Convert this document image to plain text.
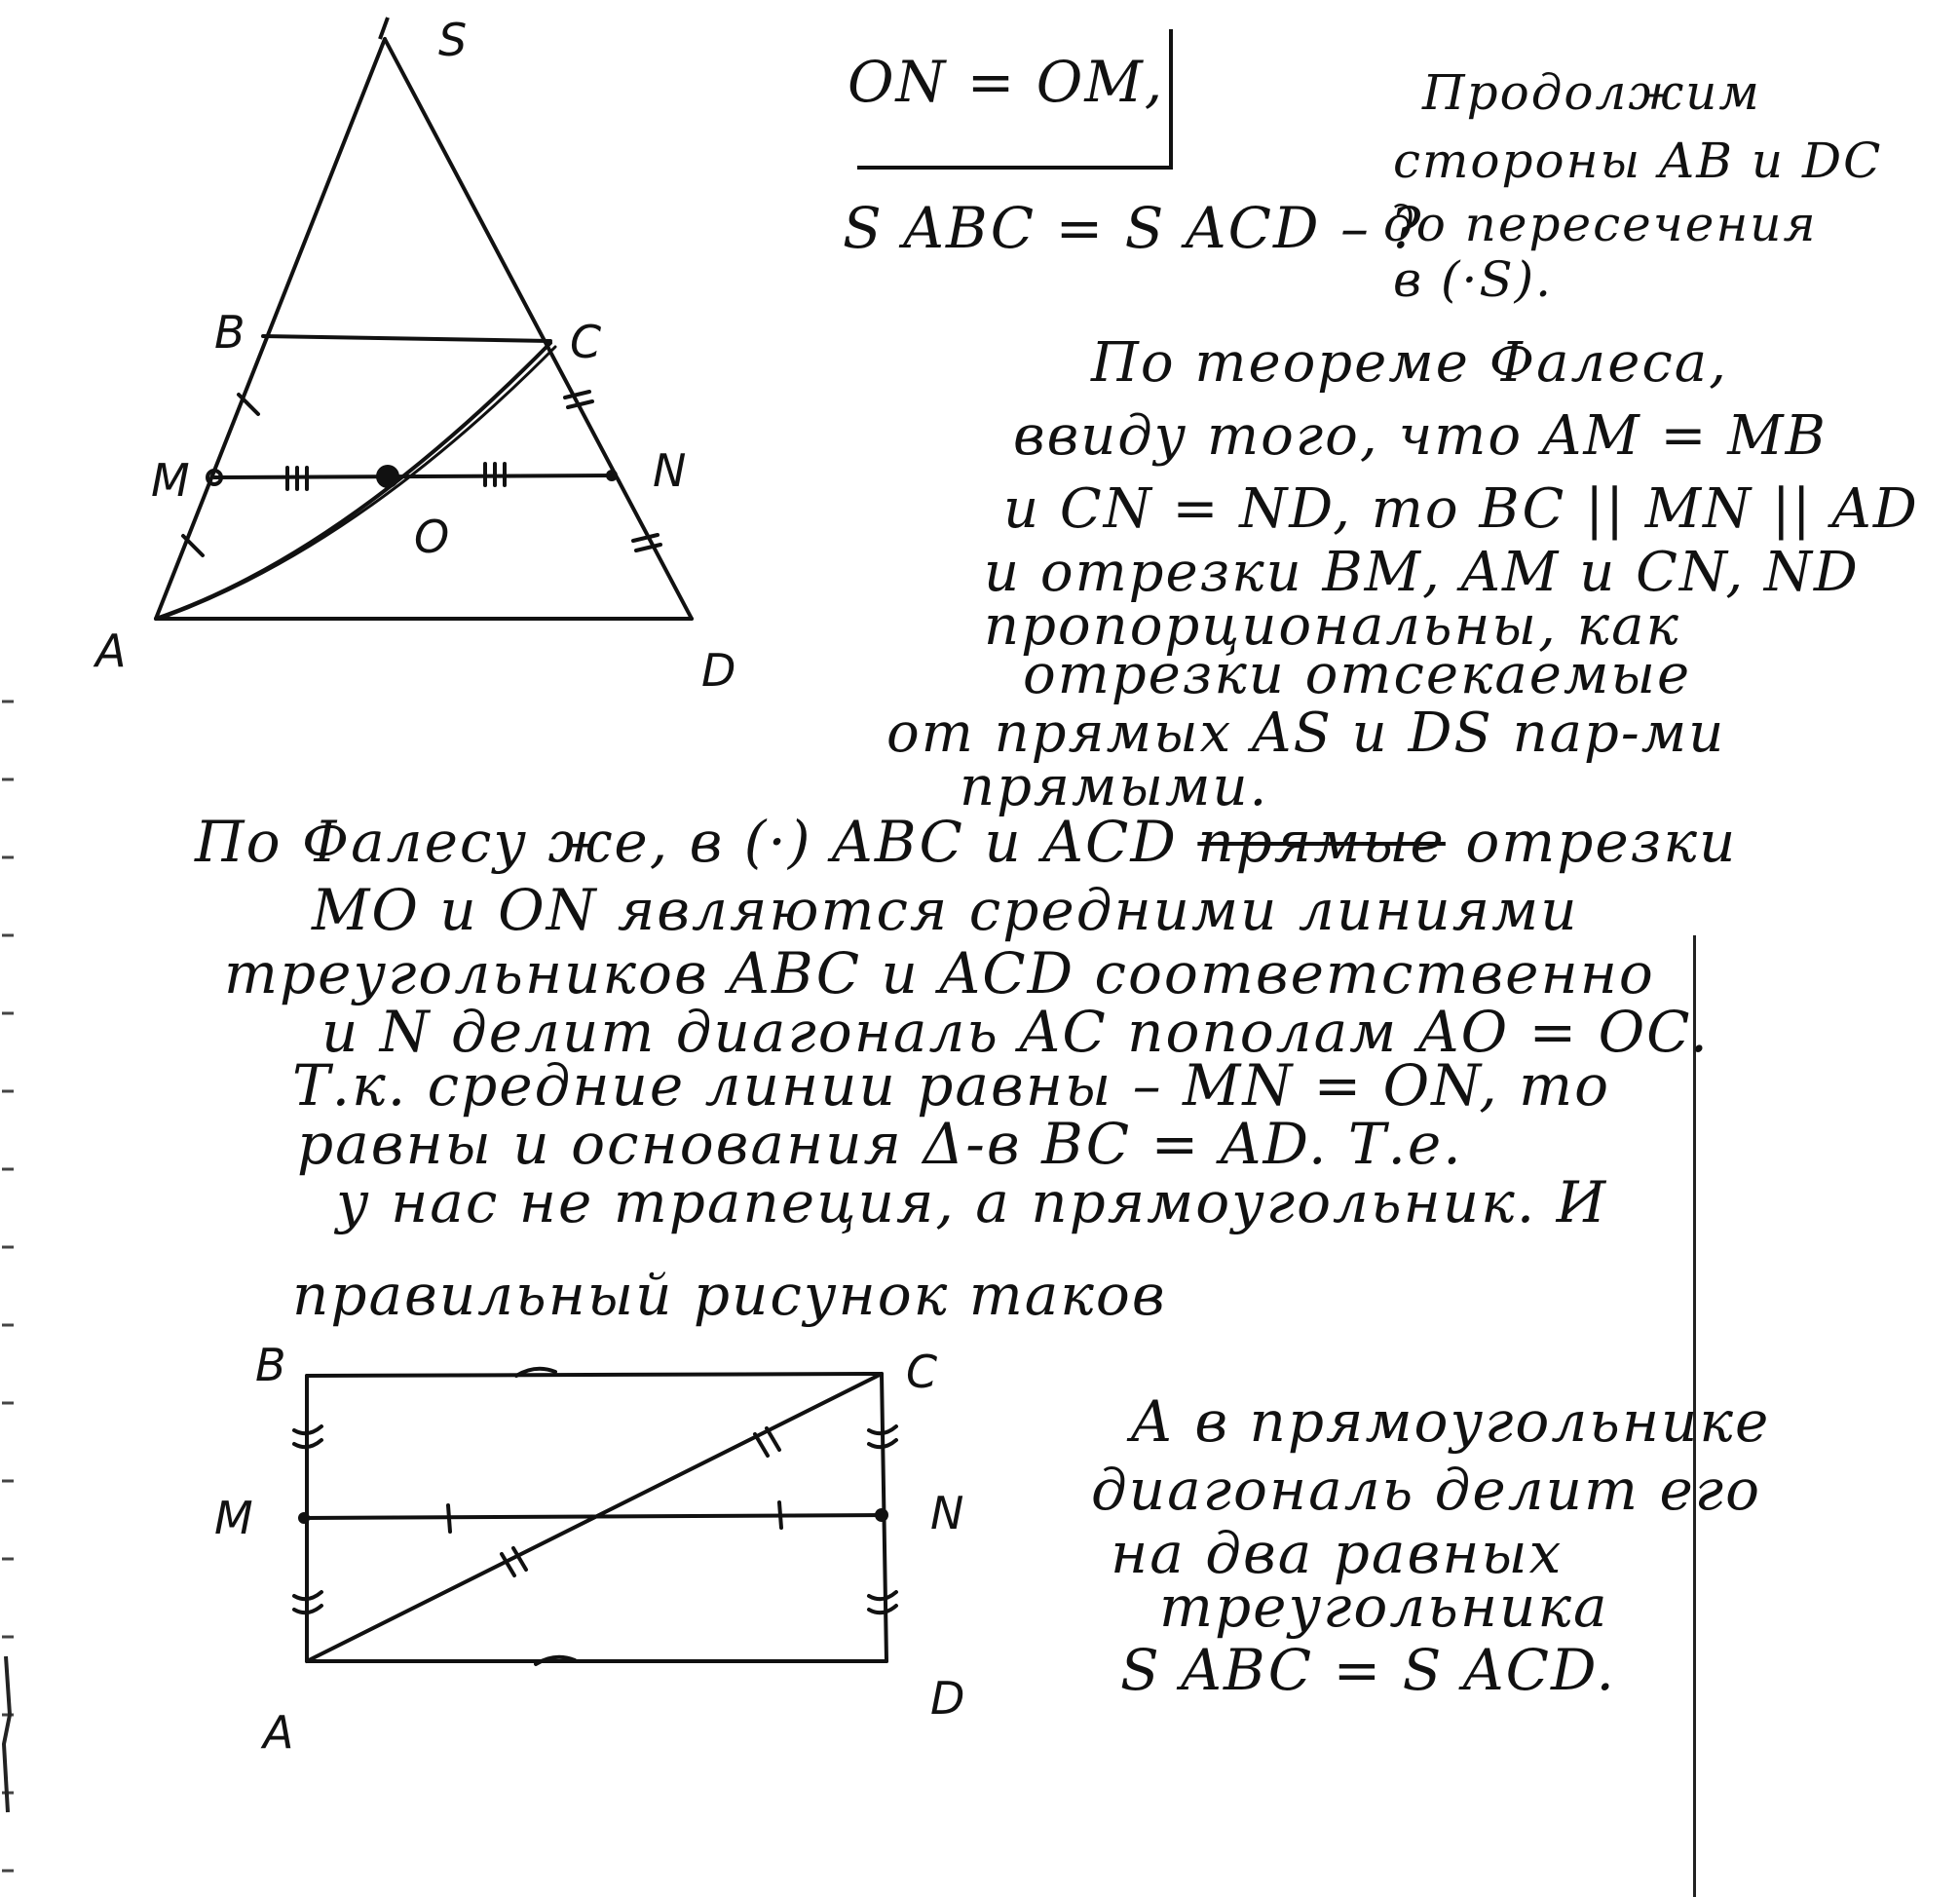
S
B	C
M
O
N
A	D
ON = OM,
S ABC = S ACD – ?
Продолжим
стороны AB и DC
до пересечения
в (·S).
По теореме Фалеса,
ввиду того, что AM = MB
и CN = ND, то BC || MN || AD
и отрезки BM, AM и CN, ND
пропорциональны, как
отрезки отсекаемые
от прямых AS и DS пар-ми
прямыми.
По Фалесу же, в (·) ABC и ACD прямые отрезки
MO и ON являются средними линиями
треугольников ABC и ACD соответственно
и N делит диагональ AC пополам AO = OC.
Т.к. средние линии равны – MN = ON, то
равны и основания Δ-в BC = AD. Т.е.
у нас не трапеция, а прямоугольник. И
правильный рисунок таков
B	C
M	N
A
D
А в прямоугольнике
диагональ делит его
на два равных
треугольника
S ABC = S ACD.
